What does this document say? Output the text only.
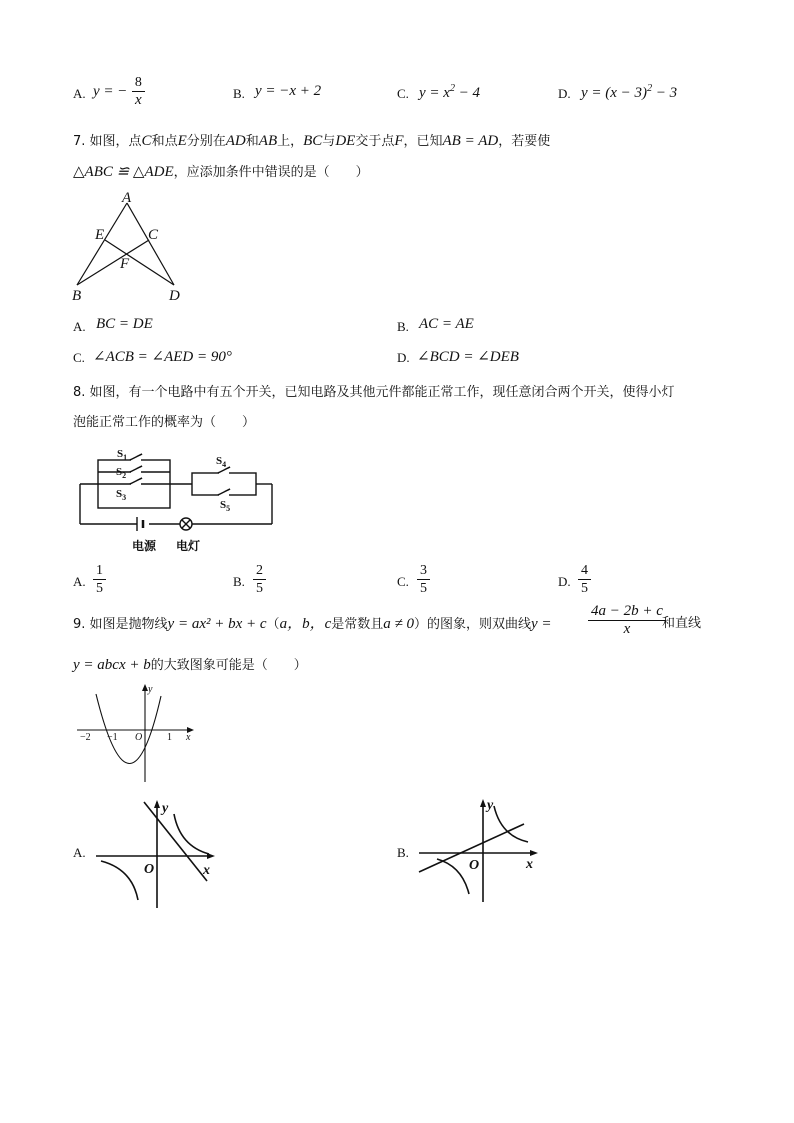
A. y = − $\frac{8}{x}$	B. y = −x + 2	C. $y = x^2 - 4$	D. $y = (x - 3)^2 - 3$
7. 如图，点C和点E分别在AD和AB上，BC与DE交于点F，已知AB = AD，若要使
△ABC ≌ △ADE，应添加条件中错误的是（　　）
A
E	C
F
B	D
A. BC = DE	B. AC = AE
C. ∠ACB = ∠AED = 90°	D. ∠BCD = ∠DEB
8. 如图，有一个电路中有五个开关，已知电路及其他元件都能正常工作，现任意闭合两个开关，使得小灯
泡能正常工作的概率为（　　）
$S_1$
$S_2$
$S_3$
$S_4$
$S_5$
电源 电灯
A. $\frac{1}{5}$	B. $\frac{2}{5}$	C. $\frac{3}{5}$	D. $\frac{4}{5}$
9. 如图是抛物线y = ax² + bx + c（a，b，c是常数且a ≠ 0）的图象，则双曲线$y = \frac{4a - 2b + c}{x}$
和直线
y = abcx + b的大致图象可能是（　　）
y
x
−2 −1 O 1
A.
y
x
O
B.
y
x
O
